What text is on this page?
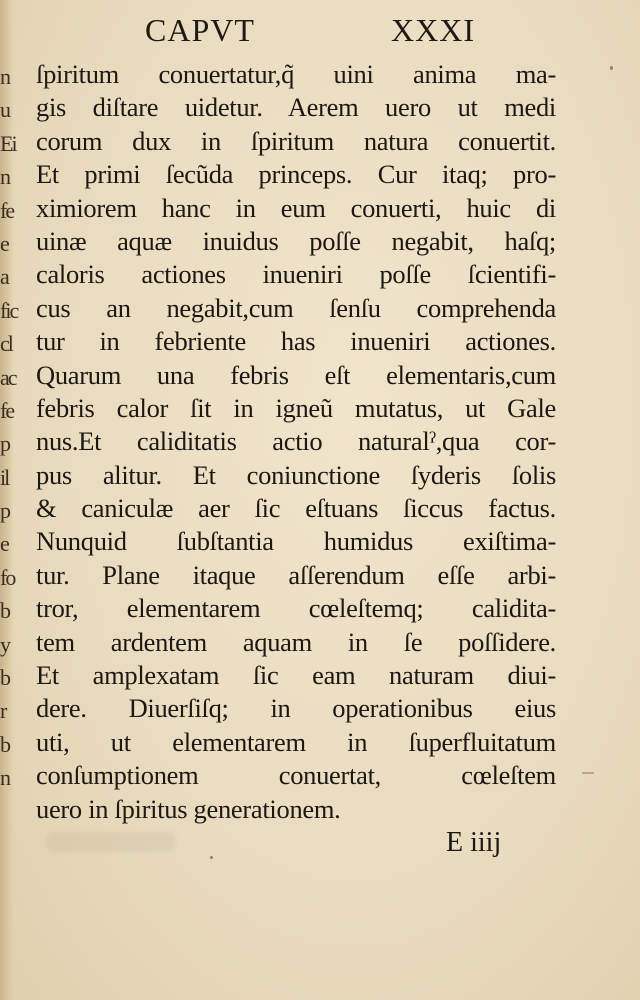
n
u
Ei
n
fe
e
a
fic
cl
ac
fe
p
il
p
e
fo
b
y
b
r
b
n
CAPVT	XXXI
ſpiritum conuertatur,q̃ uini anima ma-
gis diſtare uidetur. Aerem uero ut medi
corum dux in ſpiritum natura conuertit.
Et primi ſecũda princeps. Cur itaq; pro-
ximiorem hanc in eum conuerti, huic di
uinæ aquæ inuidus poſſe negabit, haſq;
caloris actiones inueniri poſſe ſcientifi-
cus an negabit,cum ſenſu comprehenda
tur in febriente has inueniri actiones.
Quarum una febris eſt elementaris,cum
febris calor ſit in igneũ mutatus, ut Gale
nus.Et caliditatis actio naturalˀ,qua cor-
pus alitur. Et coniunctione ſyderis ſolis
& caniculæ aer ſic eſtuans ſiccus factus.
Nunquid ſubſtantia humidus exiſtima-
tur. Plane itaque aſſerendum eſſe arbi-
tror, elementarem cœleſtemq; calidita-
tem ardentem aquam in ſe poſſidere.
Et amplexatam ſic eam naturam diui-
dere. Diuerſiſq; in operationibus eius
uti, ut elementarem in ſuperfluitatum
conſumptionem conuertat, cœleſtem
uero in ſpiritus generationem.
E iiij
